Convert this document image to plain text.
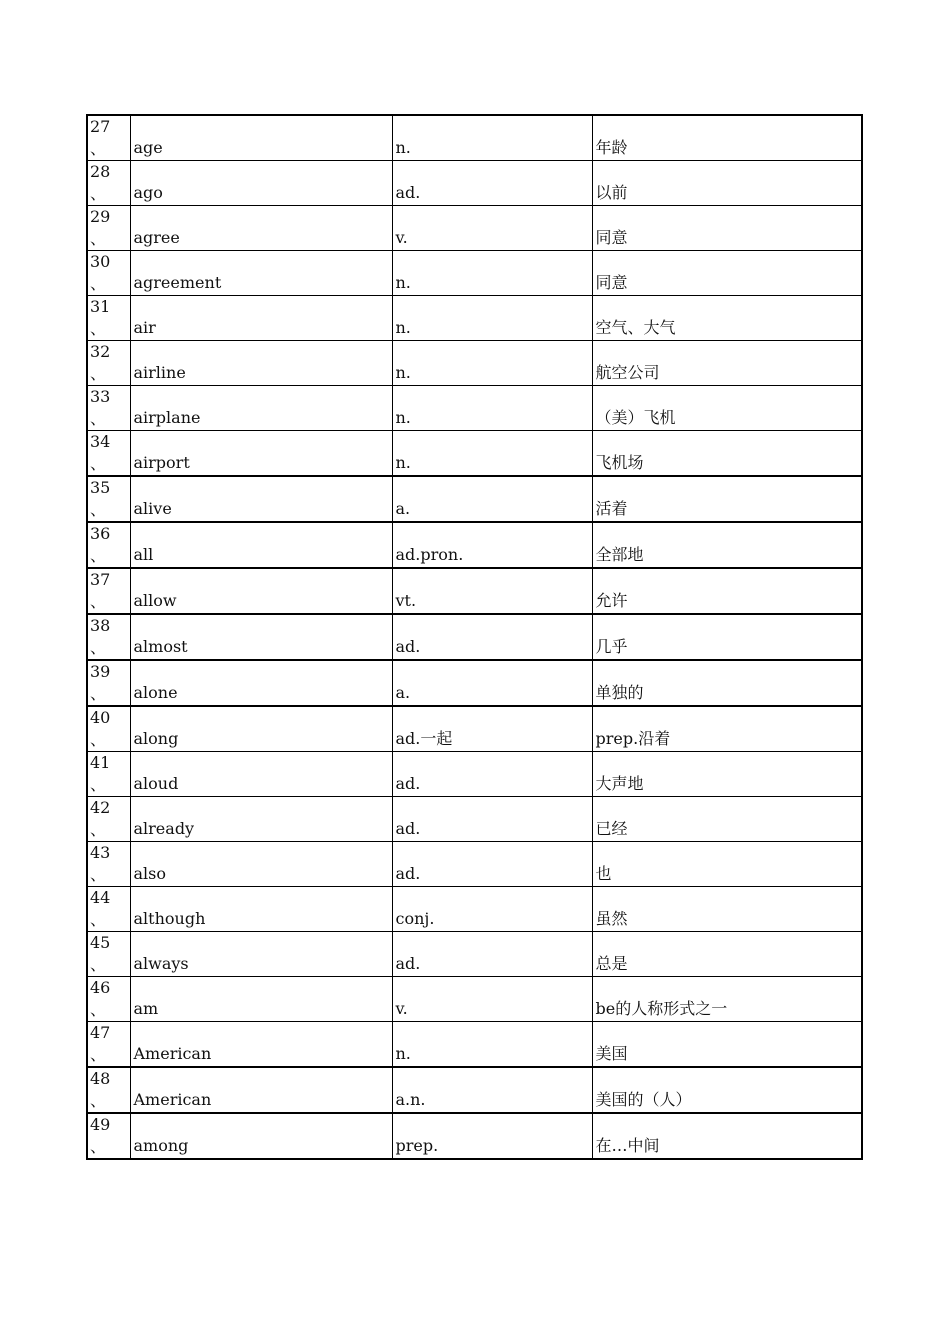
27
、	age	n.	年龄

28
、	ago	ad.	以前

29
、	agree	v.	同意

30
、	agreement	n.	同意

31
、	air	n.	空气、大气

32
、	airline	n.	航空公司

33
、	airplane	n.	（美）飞机

34
、	airport	n.	飞机场

35
、	alive	a.	活着

36
、	all	ad.pron.	全部地

37
、	allow	vt.	允许

38
、	almost	ad.	几乎

39
、	alone	a.	单独的

40
、	along	ad.一起	prep.沿着

41
、	aloud	ad.	大声地

42
、	already	ad.	已经

43
、	also	ad.	也

44
、	although	conj.	虽然

45
、	always	ad.	总是

46
、	am	v.	be的人称形式之一

47
、	American	n.	美国

48
、	American	a.n.	美国的（人）

49
、	among	prep.	在…中间
